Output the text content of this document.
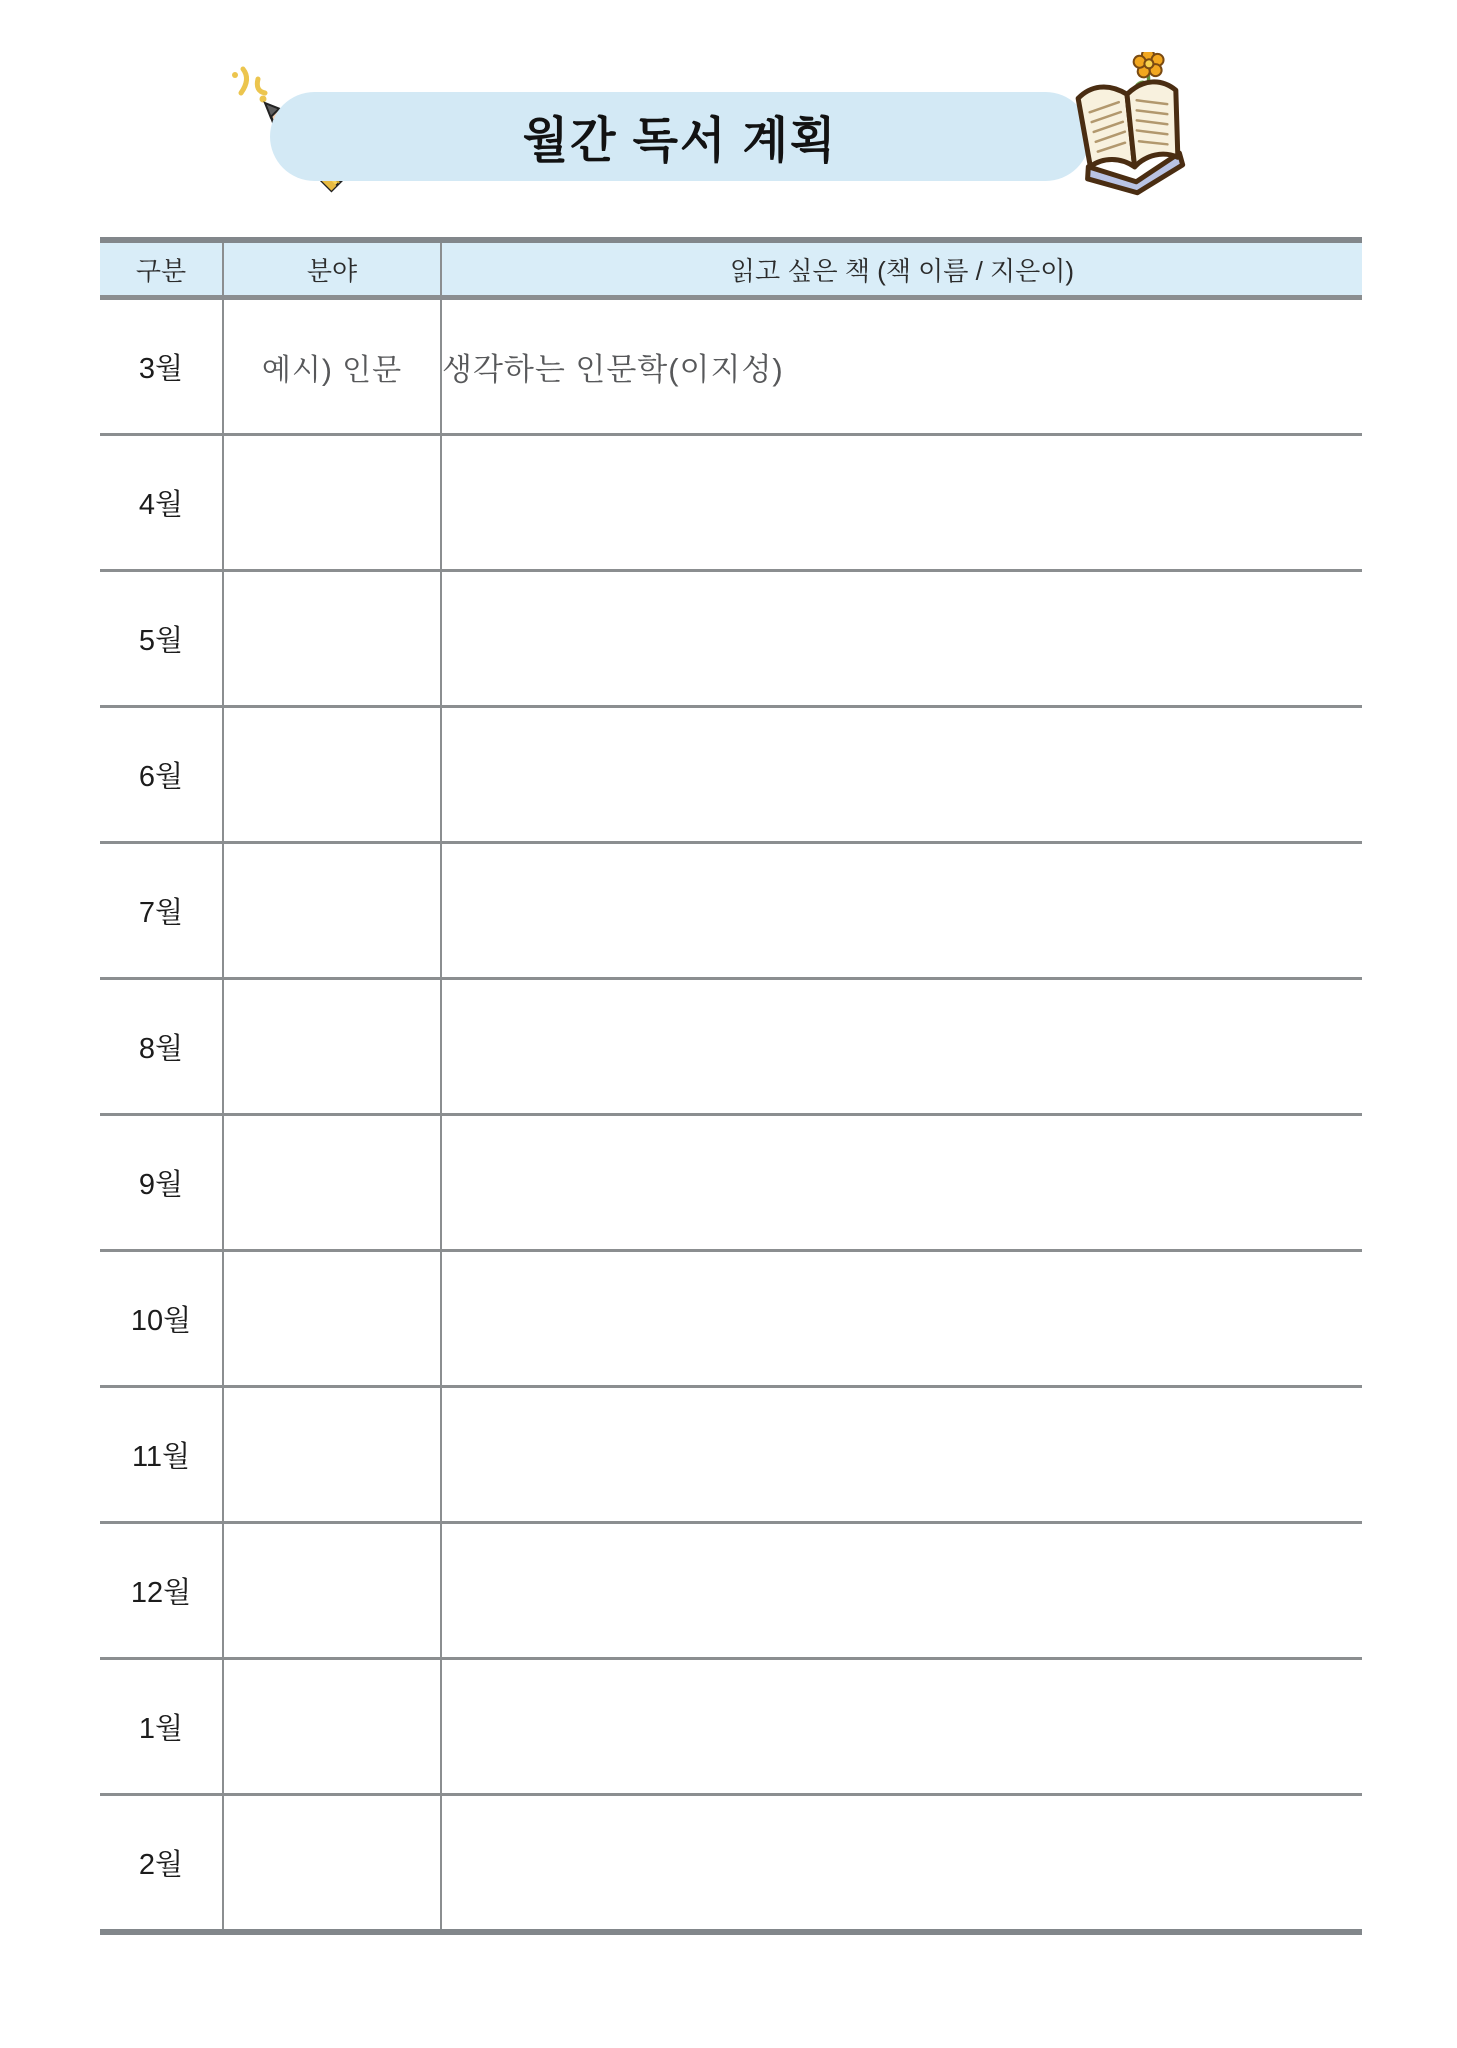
월간 독서 계획
구분	분야	읽고 싶은 책 (책 이름 / 지은이)
3월	예시) 인문	생각하는 인문학(이지성)
4월		
5월		
6월		
7월		
8월		
9월		
10월		
11월		
12월		
1월		
2월		
